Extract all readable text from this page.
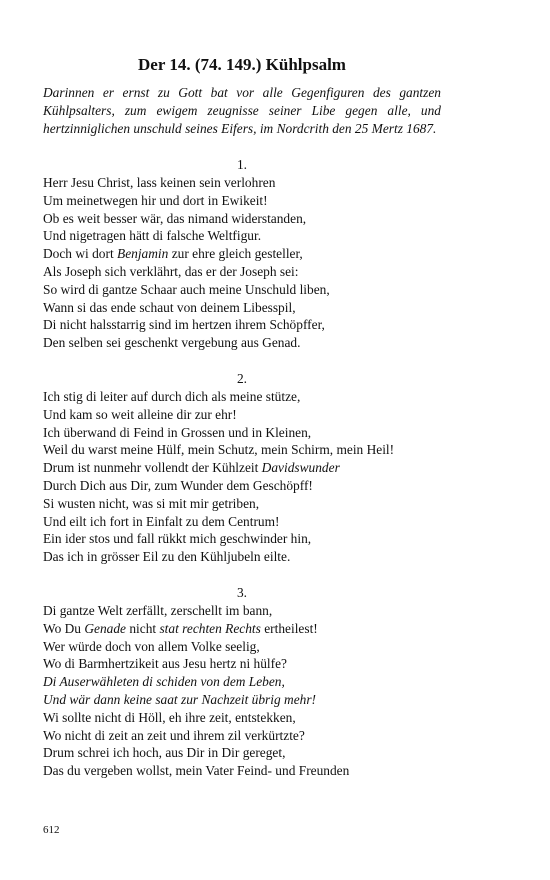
Der 14. (74. 149.) Kühlpsalm

Darinnen er ernst zu Gott bat vor alle Gegenfiguren des gantzen Kühlpsalters, zum ewigem zeugnisse seiner Libe gegen alle, und hertzinniglichen unschuld seines Eifers, im Nordcrith den 25 Mertz 1687.

1.

Herr Jesu Christ, lass keinen sein verlohren

Um meinetwegen hir und dort in Ewikeit!

Ob es weit besser wär, das nimand widerstanden,

Und nigetragen hätt di falsche Weltfigur.

Doch wi dort Benjamin zur ehre gleich gesteller,

Als Joseph sich verklährt, das er der Joseph sei:

So wird di gantze Schaar auch meine Unschuld liben,

Wann si das ende schaut von deinem Libesspil,

Di nicht halsstarrig sind im hertzen ihrem Schöpffer,

Den selben sei geschenkt vergebung aus Genad.

2.

Ich stig di leiter auf durch dich als meine stütze,

Und kam so weit alleine dir zur ehr!

Ich überwand di Feind in Grossen und in Kleinen,

Weil du warst meine Hülf, mein Schutz, mein Schirm, mein Heil!

Drum ist nunmehr vollendt der Kühlzeit Davidswunder

Durch Dich aus Dir, zum Wunder dem Geschöpff!

Si wusten nicht, was si mit mir getriben,

Und eilt ich fort in Einfalt zu dem Centrum!

Ein ider stos und fall rükkt mich geschwinder hin,

Das ich in grösser Eil zu den Kühljubeln eilte.

3.

Di gantze Welt zerfällt, zerschellt im bann,

Wo Du Genade nicht stat rechten Rechts ertheilest!

Wer würde doch von allem Volke seelig,

Wo di Barmhertzikeit aus Jesu hertz ni hülfe?

Di Auserwähleten di schiden von dem Leben,

Und wär dann keine saat zur Nachzeit übrig mehr!

Wi sollte nicht di Höll, eh ihre zeit, entstekken,

Wo nicht di zeit an zeit und ihrem zil verkürtzte?

Drum schrei ich hoch, aus Dir in Dir gereget,

Das du vergeben wollst, mein Vater Feind- und Freunden

612
